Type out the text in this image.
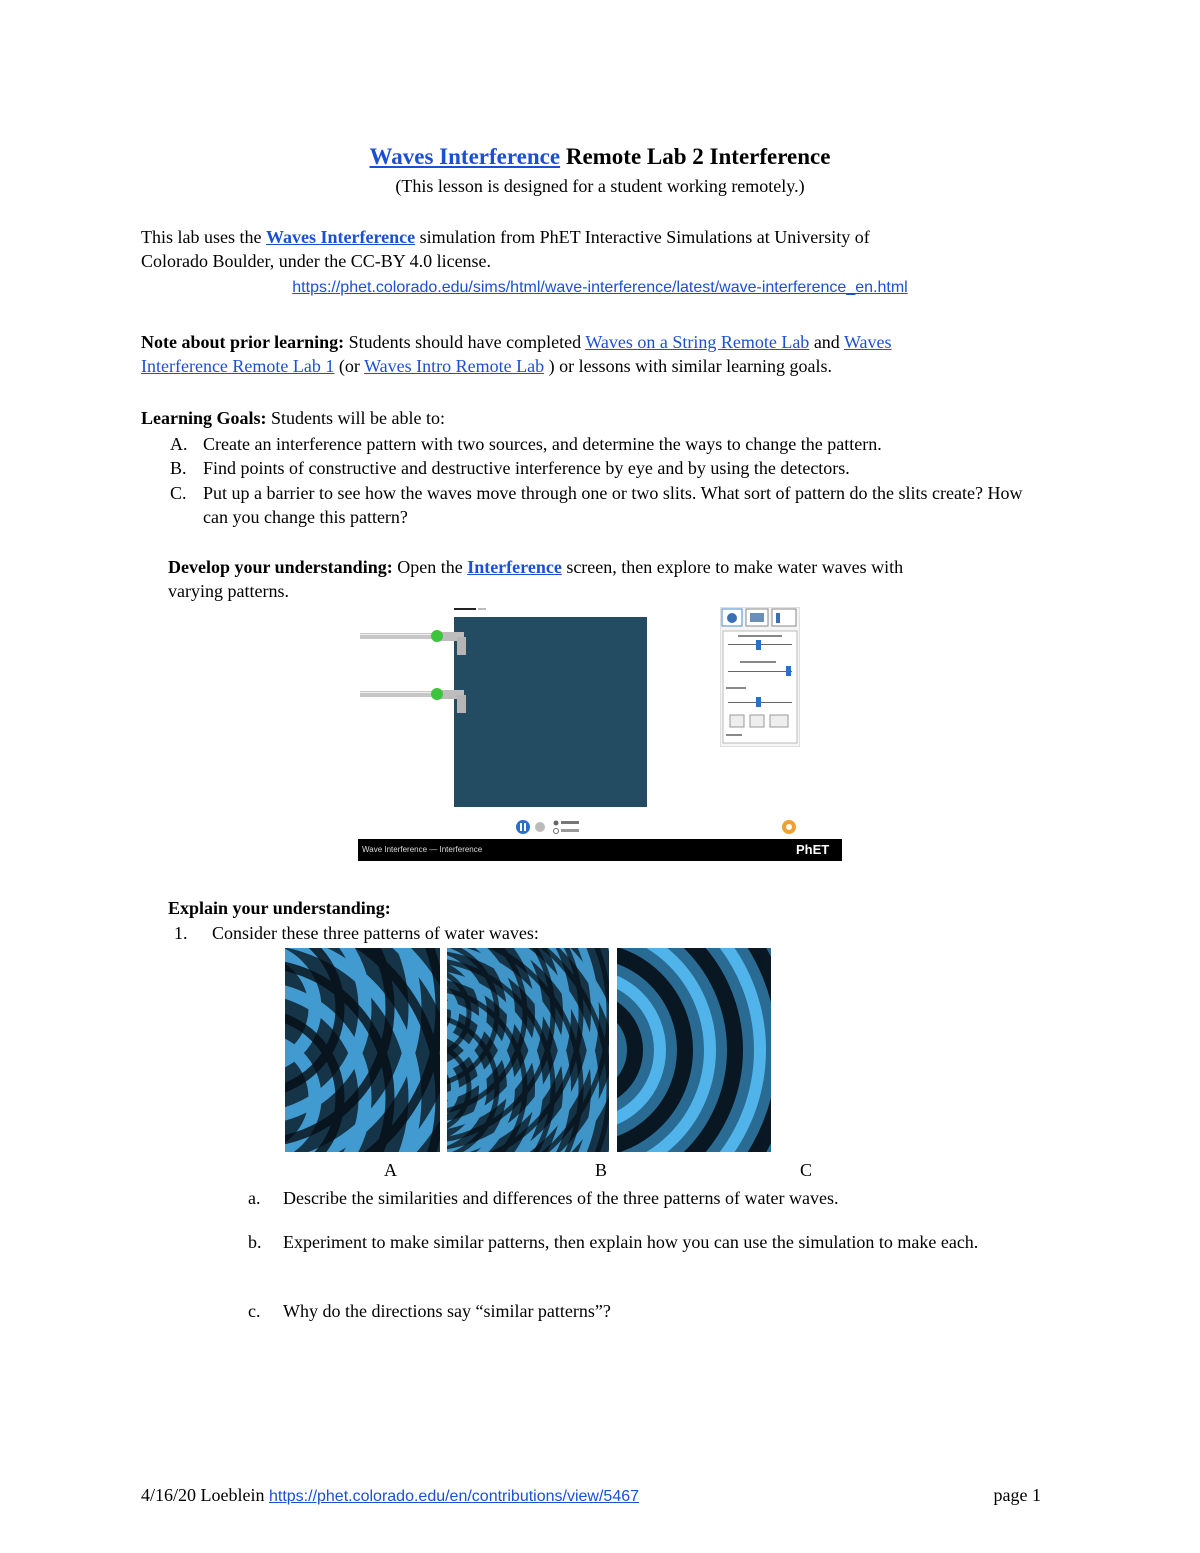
Waves Interference Remote Lab 2 Interference
(This lesson is designed for a student working remotely.)
This lab uses the Waves Interference simulation from PhET Interactive Simulations at University of
Colorado Boulder, under the CC-BY 4.0 license.
https://phet.colorado.edu/sims/html/wave-interference/latest/wave-interference_en.html
Note about prior learning: Students should have completed Waves on a String Remote Lab and Waves
Interference Remote Lab 1 (or Waves Intro Remote Lab ) or lessons with similar learning goals.
Learning Goals: Students will be able to:
A. Create an interference pattern with two sources, and determine the ways to change the pattern.
B. Find points of constructive and destructive interference by eye and by using the detectors.
C. Put up a barrier to see how the waves move through one or two slits. What sort of pattern do the slits create? How can you change this pattern?
Develop your understanding: Open the Interference screen, then explore to make water waves with
varying patterns.
Wave Interference — Interference	PhET
Explain your understanding:
1. Consider these three patterns of water waves:
A	B	C
a. Describe the similarities and differences of the three patterns of water waves.
b. Experiment to make similar patterns, then explain how you can use the simulation to make each.
c. Why do the directions say “similar patterns”?
4/16/20 Loeblein https://phet.colorado.edu/en/contributions/view/5467	page 1
